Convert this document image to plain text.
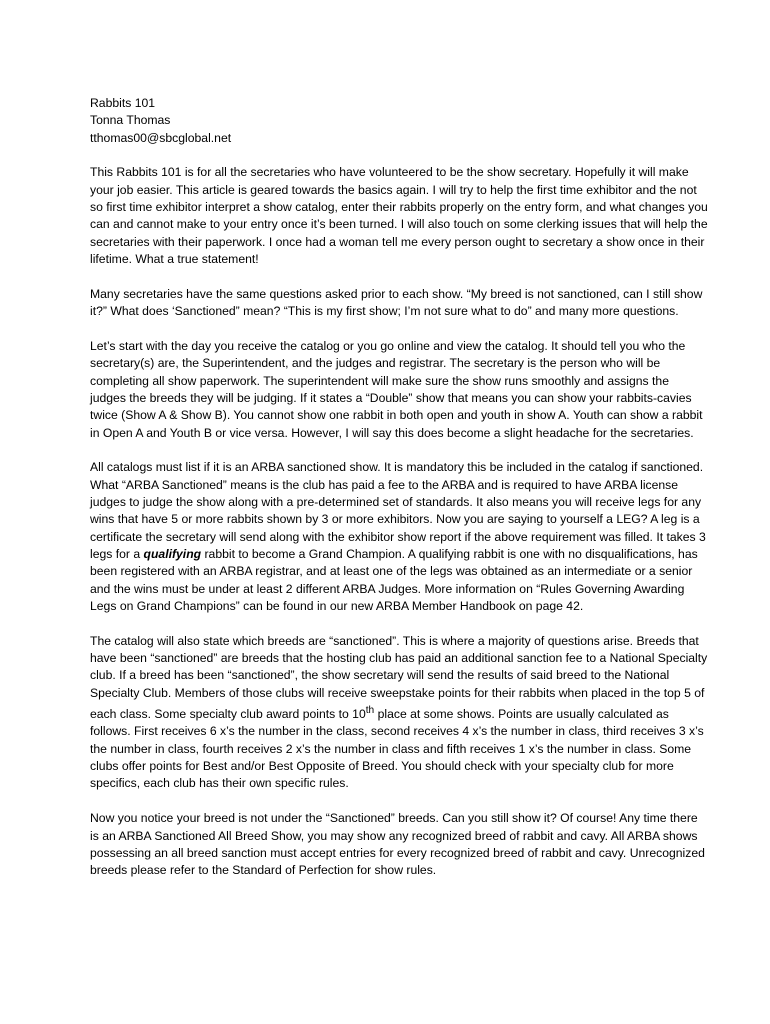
Rabbits 101
Tonna Thomas
tthomas00@sbcglobal.net

This Rabbits 101 is for all the secretaries who have volunteered to be the show secretary. Hopefully it will make your job easier. This article is geared towards the basics again. I will try to help the first time exhibitor and the not so first time exhibitor interpret a show catalog, enter their rabbits properly on the entry form, and what changes you can and cannot make to your entry once it’s been turned. I will also touch on some clerking issues that will help the secretaries with their paperwork. I once had a woman tell me every person ought to secretary a show once in their lifetime. What a true statement!

Many secretaries have the same questions asked prior to each show. “My breed is not sanctioned, can I still show it?” What does ‘Sanctioned” mean? “This is my first show; I’m not sure what to do” and many more questions.

Let’s start with the day you receive the catalog or you go online and view the catalog. It should tell you who the secretary(s) are, the Superintendent, and the judges and registrar. The secretary is the person who will be completing all show paperwork. The superintendent will make sure the show runs smoothly and assigns the judges the breeds they will be judging. If it states a “Double” show that means you can show your rabbits-cavies twice (Show A & Show B). You cannot show one rabbit in both open and youth in show A. Youth can show a rabbit in Open A and Youth B or vice versa. However, I will say this does become a slight headache for the secretaries.

All catalogs must list if it is an ARBA sanctioned show. It is mandatory this be included in the catalog if sanctioned. What “ARBA Sanctioned” means is the club has paid a fee to the ARBA and is required to have ARBA license judges to judge the show along with a pre-determined set of standards. It also means you will receive legs for any wins that have 5 or more rabbits shown by 3 or more exhibitors. Now you are saying to yourself a LEG? A leg is a certificate the secretary will send along with the exhibitor show report if the above requirement was filled. It takes 3 legs for a qualifying rabbit to become a Grand Champion. A qualifying rabbit is one with no disqualifications, has been registered with an ARBA registrar, and at least one of the legs was obtained as an intermediate or a senior and the wins must be under at least 2 different ARBA Judges. More information on “Rules Governing Awarding Legs on Grand Champions” can be found in our new ARBA Member Handbook on page 42.

The catalog will also state which breeds are “sanctioned”. This is where a majority of questions arise. Breeds that have been “sanctioned” are breeds that the hosting club has paid an additional sanction fee to a National Specialty club. If a breed has been “sanctioned”, the show secretary will send the results of said breed to the National Specialty Club. Members of those clubs will receive sweepstake points for their rabbits when placed in the top 5 of each class. Some specialty club award points to 10th place at some shows. Points are usually calculated as follows. First receives 6 x’s the number in the class, second receives 4 x’s the number in class, third receives 3 x’s the number in class, fourth receives 2 x’s the number in class and fifth receives 1 x’s the number in class. Some clubs offer points for Best and/or Best Opposite of Breed. You should check with your specialty club for more specifics, each club has their own specific rules.

Now you notice your breed is not under the “Sanctioned” breeds. Can you still show it? Of course! Any time there is an ARBA Sanctioned All Breed Show, you may show any recognized breed of rabbit and cavy. All ARBA shows possessing an all breed sanction must accept entries for every recognized breed of rabbit and cavy. Unrecognized breeds please refer to the Standard of Perfection for show rules.
